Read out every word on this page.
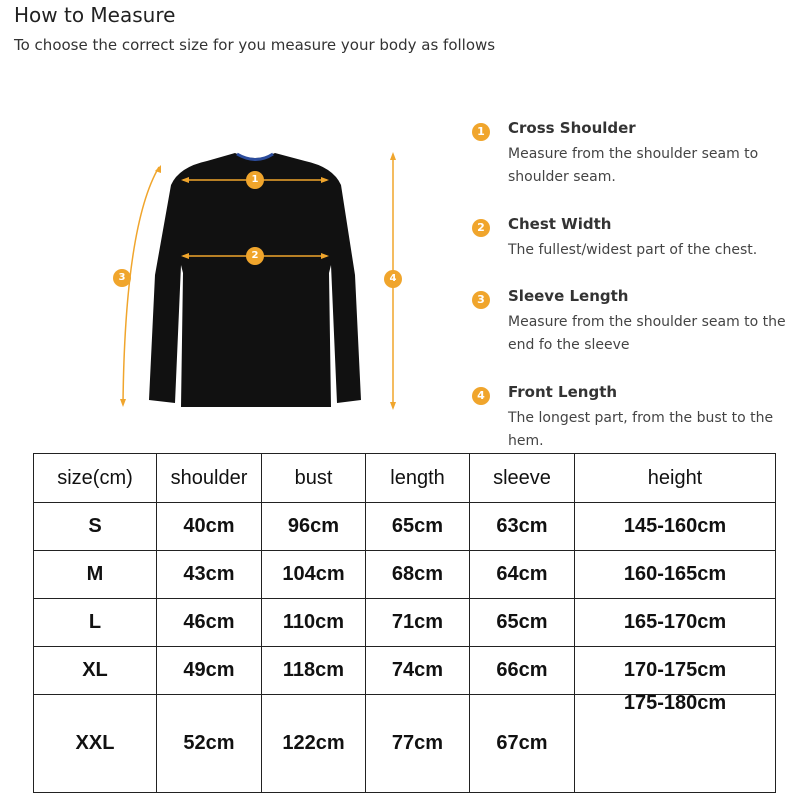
How to Measure
To choose the correct size for you measure your body as follows
1
2
3	4
1	Cross Shoulder
Measure from the shoulder seam to shoulder seam.
2	Chest Width
The fullest/widest part of the chest.
3	Sleeve Length
Measure from the shoulder seam to the end fo the sleeve
4	Front Length
The longest part, from the bust to the hem.
size(cm)	shoulder	bust	length	sleeve	height
S	40cm	96cm	65cm	63cm	145-160cm
M	43cm	104cm	68cm	64cm	160-165cm
L	46cm	110cm	71cm	65cm	165-170cm
XL	49cm	118cm	74cm	66cm	170-175cm
XXL	52cm	122cm	77cm	67cm	175-180cm
